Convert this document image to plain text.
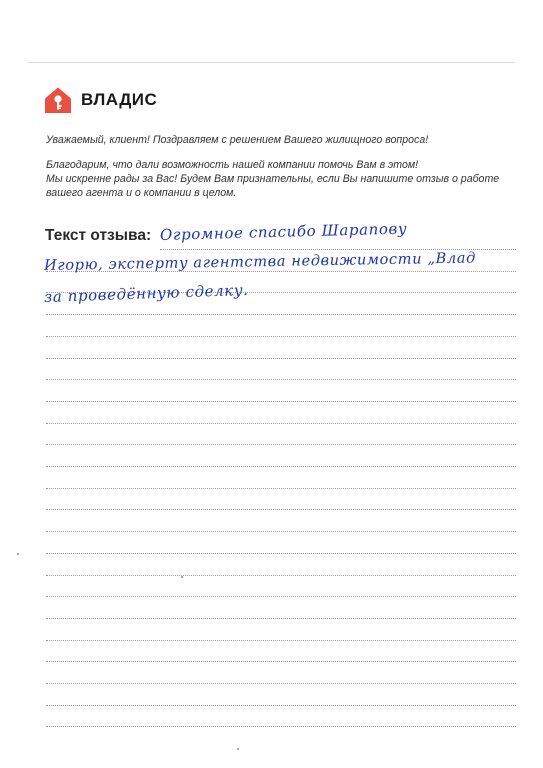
ВЛАДИС
Уважаемый, клиент! Поздравляем с решением Вашего жилищного вопроса!
Благодарим, что дали возможность нашей компании помочь Вам в этом!
Мы искренне рады за Вас! Будем Вам признательны, если Вы напишите отзыв о работе
вашего агента и о компании в целом.
Текст отзыва: Огромное спасибо Шарапову
Игорю, эксперту агентства недвижимости „Влад
за проведённую сделку.
